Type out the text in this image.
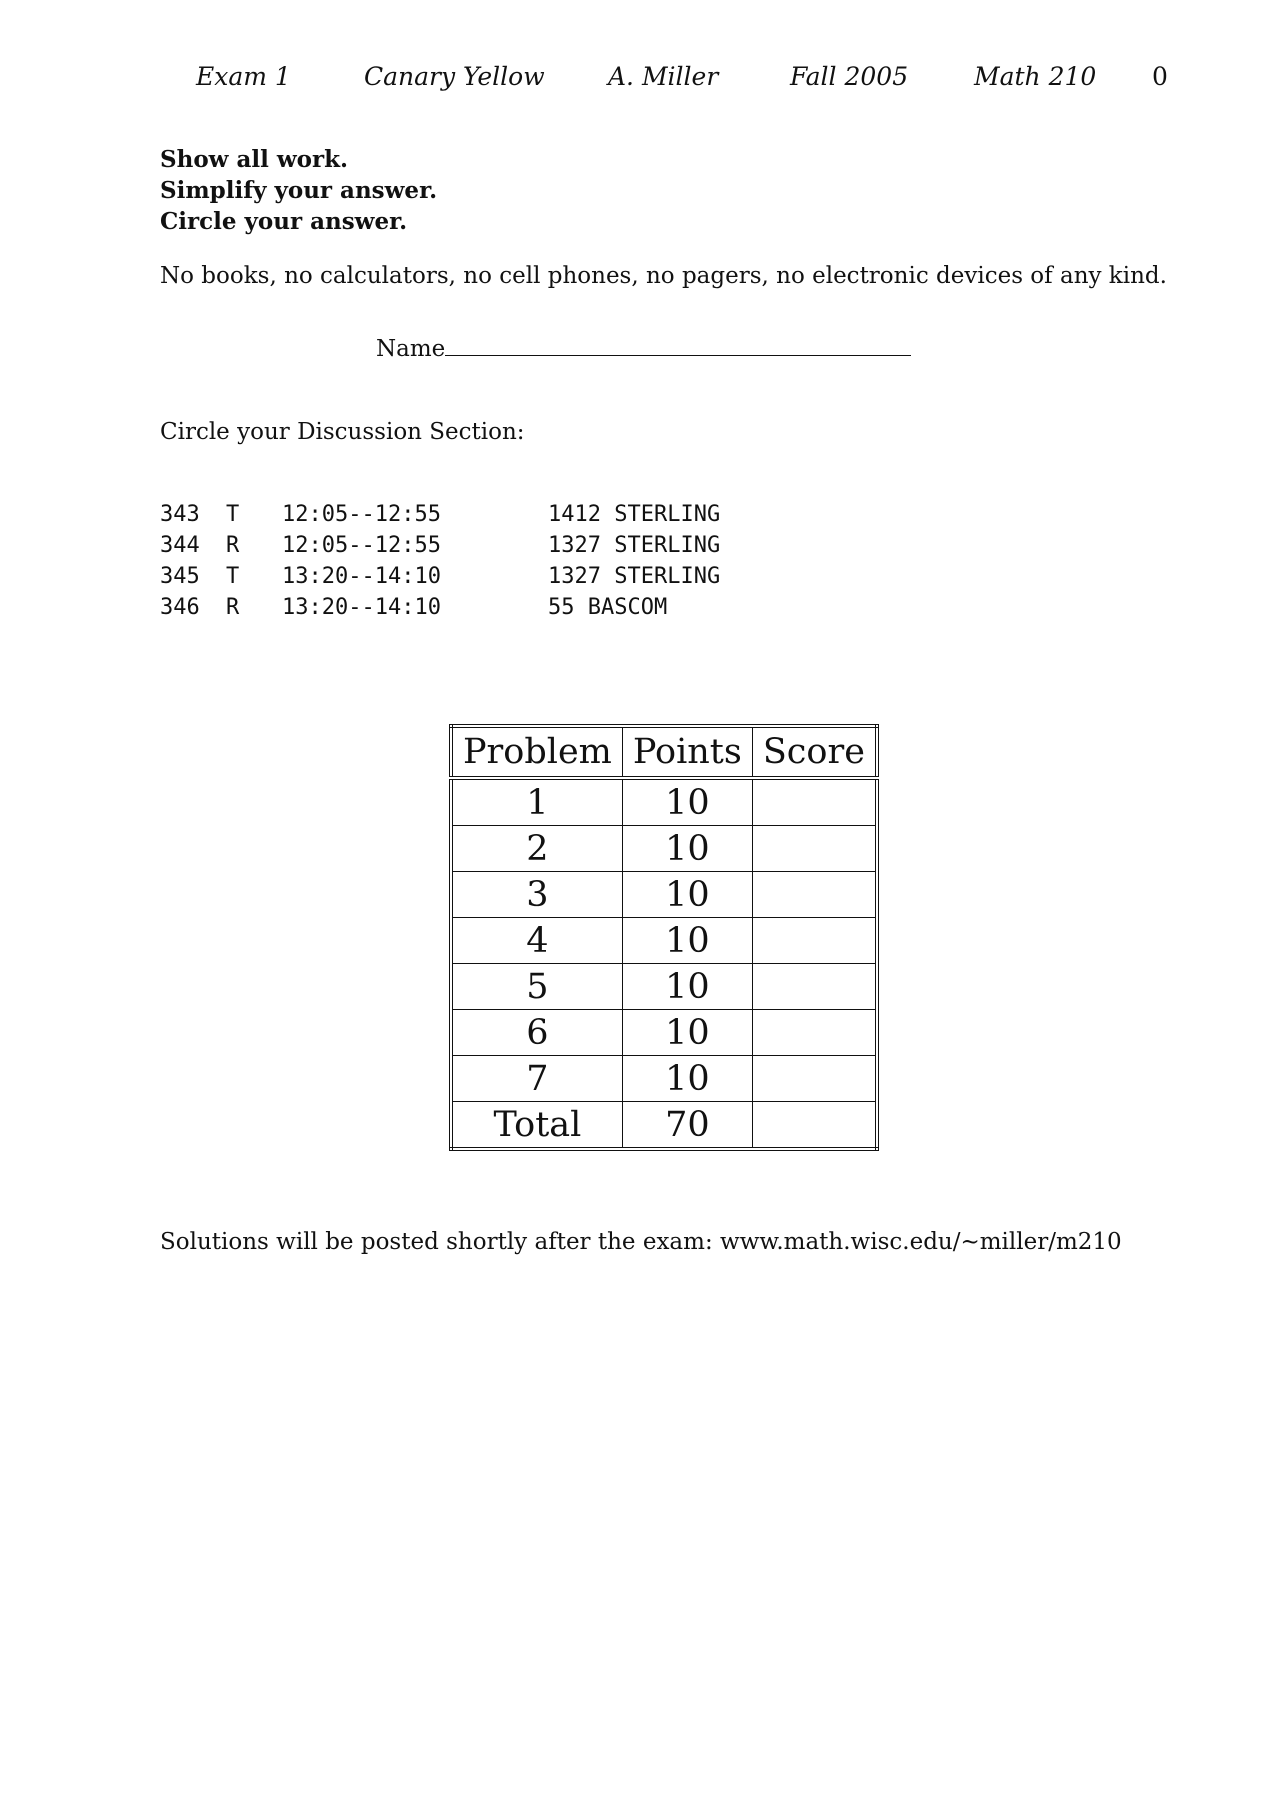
Exam 1	Canary Yellow	A. Miller	Fall 2005	Math 210 0
Show all work.
Simplify your answer.
Circle your answer.
No books, no calculators, no cell phones, no pagers, no electronic devices of any kind.
Name
Circle your Discussion Section:
343 T 12:05--12:55	1412 STERLING
344 R 12:05--12:55	1327 STERLING
345 T 13:20--14:10	1327 STERLING
346 R 13:20--14:10	55 BASCOM
Problem	Points	Score
1	10	
2	10	
3	10	
4	10	
5	10	
6	10	
7	10	
Total	70	
Solutions will be posted shortly after the exam: www.math.wisc.edu/∼miller/m210
